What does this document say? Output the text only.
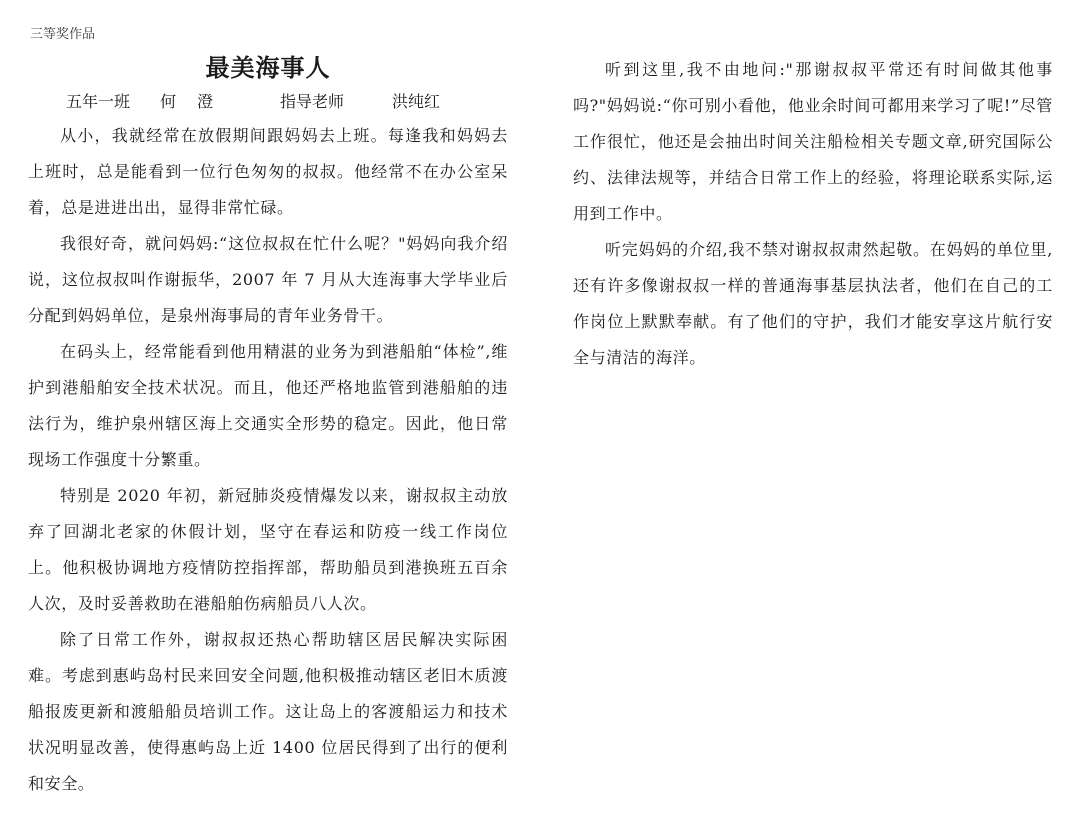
三等奖作品
最美海事人
五年一班 何 澄	指导老师	洪纯红

从小，我就经常在放假期间跟妈妈去上班。每逢我和妈妈去上班时，总是能看到一位行色匆匆的叔叔。他经常不在办公室呆着，总是进进出出，显得非常忙碌。

我很好奇，就问妈妈:“这位叔叔在忙什么呢？"妈妈向我介绍说，这位叔叔叫作谢振华，2007 年 7 月从大连海事大学毕业后分配到妈妈单位，是泉州海事局的青年业务骨干。

在码头上，经常能看到他用精湛的业务为到港船舶“体检”,维护到港船舶安全技术状况。而且，他还严格地监管到港船舶的违法行为，维护泉州辖区海上交通实全形势的稳定。因此，他日常现场工作强度十分繁重。

特别是 2020 年初，新冠肺炎疫情爆发以来，谢叔叔主动放弃了回湖北老家的休假计划，坚守在春运和防疫一线工作岗位上。他积极协调地方疫情防控指挥部，帮助船员到港换班五百余人次，及时妥善救助在港船舶伤病船员八人次。

除了日常工作外，谢叔叔还热心帮助辖区居民解决实际困难。考虑到惠屿岛村民来回安全问题,他积极推动辖区老旧木质渡船报废更新和渡船船员培训工作。这让岛上的客渡船运力和技术状况明显改善，使得惠屿岛上近 1400 位居民得到了出行的便利和安全。

听到这里,我不由地问:"那谢叔叔平常还有时间做其他事吗?"妈妈说:“你可别小看他，他业余时间可都用来学习了呢!”尽管工作很忙，他还是会抽出时间关注船检相关专题文章,研究国际公约、法律法规等，并结合日常工作上的经验，将理论联系实际,运用到工作中。

听完妈妈的介绍,我不禁对谢叔叔肃然起敬。在妈妈的单位里,还有许多像谢叔叔一样的普通海事基层执法者，他们在自己的工作岗位上默默奉献。有了他们的守护，我们才能安享这片航行安全与清洁的海洋。
